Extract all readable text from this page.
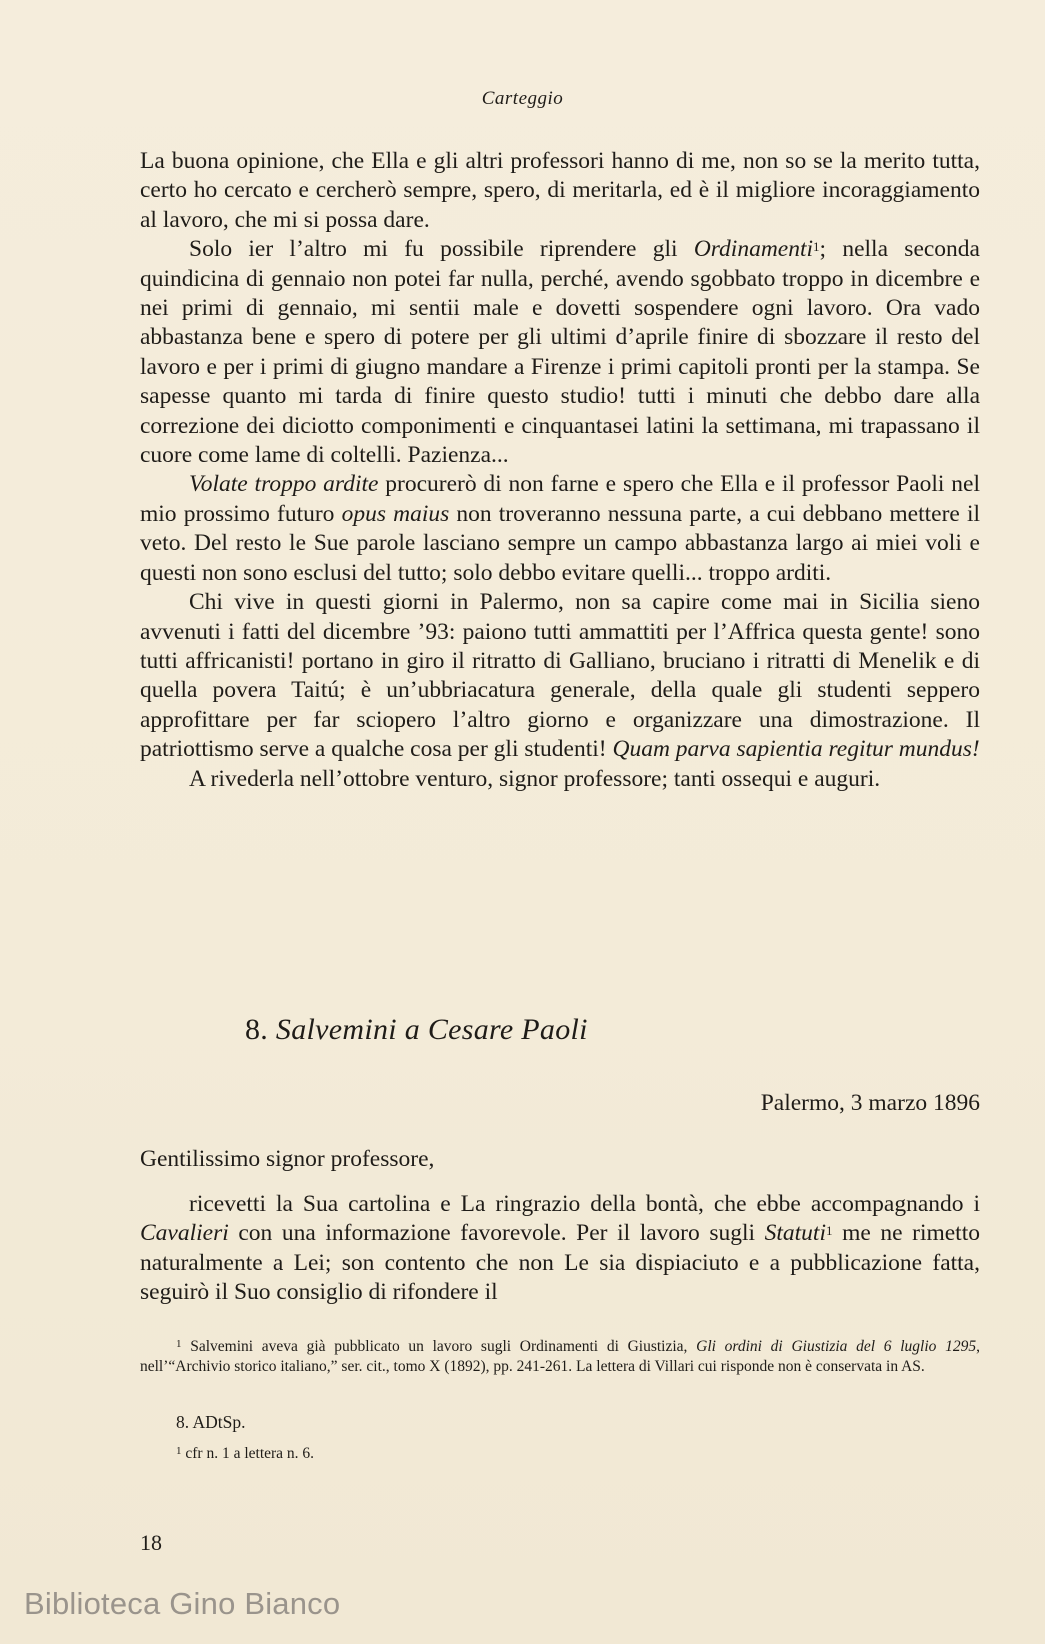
Carteggio

La buona opinione, che Ella e gli altri professori hanno di me, non so se la merito tutta, certo ho cercato e cercherò sempre, spero, di meritarla, ed è il migliore incoraggiamento al lavoro, che mi si possa dare.

Solo ier l’altro mi fu possibile riprendere gli Ordinamenti$^1$; nella seconda quindicina di gennaio non potei far nulla, perché, avendo sgobbato troppo in dicembre e nei primi di gennaio, mi sentii male e dovetti sospendere ogni lavoro. Ora vado abbastanza bene e spero di potere per gli ultimi d’aprile finire di sbozzare il resto del lavoro e per i primi di giugno mandare a Firenze i primi capitoli pronti per la stampa. Se sapesse quanto mi tarda di finire questo studio! tutti i minuti che debbo dare alla correzione dei diciotto componimenti e cinquantasei latini la settimana, mi trapassano il cuore come lame di coltelli. Pazienza...

Volate troppo ardite procurerò di non farne e spero che Ella e il professor Paoli nel mio prossimo futuro opus maius non troveranno nessuna parte, a cui debbano mettere il veto. Del resto le Sue parole lasciano sempre un campo abbastanza largo ai miei voli e questi non sono esclusi del tutto; solo debbo evitare quelli... troppo arditi.

Chi vive in questi giorni in Palermo, non sa capire come mai in Sicilia sieno avvenuti i fatti del dicembre ’93: paiono tutti ammattiti per l’Affrica questa gente! sono tutti affricanisti! portano in giro il ritratto di Galliano, bruciano i ritratti di Menelik e di quella povera Taitú; è un’ubbriacatura generale, della quale gli studenti seppero approfittare per far sciopero l’altro giorno e organizzare una dimostrazione. Il patriottismo serve a qualche cosa per gli studenti! Quam parva sapientia regitur mundus!

A rivederla nell’ottobre venturo, signor professore; tanti ossequi e auguri.

8. Salvemini a Cesare Paoli
Palermo, 3 marzo 1896
Gentilissimo signor professore,

ricevetti la Sua cartolina e La ringrazio della bontà, che ebbe accompagnando i Cavalieri con una informazione favorevole. Per il lavoro sugli Statuti$^1$ me ne rimetto naturalmente a Lei; son contento che non Le sia dispiaciuto e a pubblicazione fatta, seguirò il Suo consiglio di rifondere il

$^1$ Salvemini aveva già pubblicato un lavoro sugli Ordinamenti di Giustizia, Gli ordini di Giustizia del 6 luglio 1295, nell’“Archivio storico italiano,” ser. cit., tomo X (1892), pp. 241-261. La lettera di Villari cui risponde non è conservata in AS.

8. ADtSp.
$^1$ cfr n. 1 a lettera n. 6.
18
Biblioteca Gino Bianco
